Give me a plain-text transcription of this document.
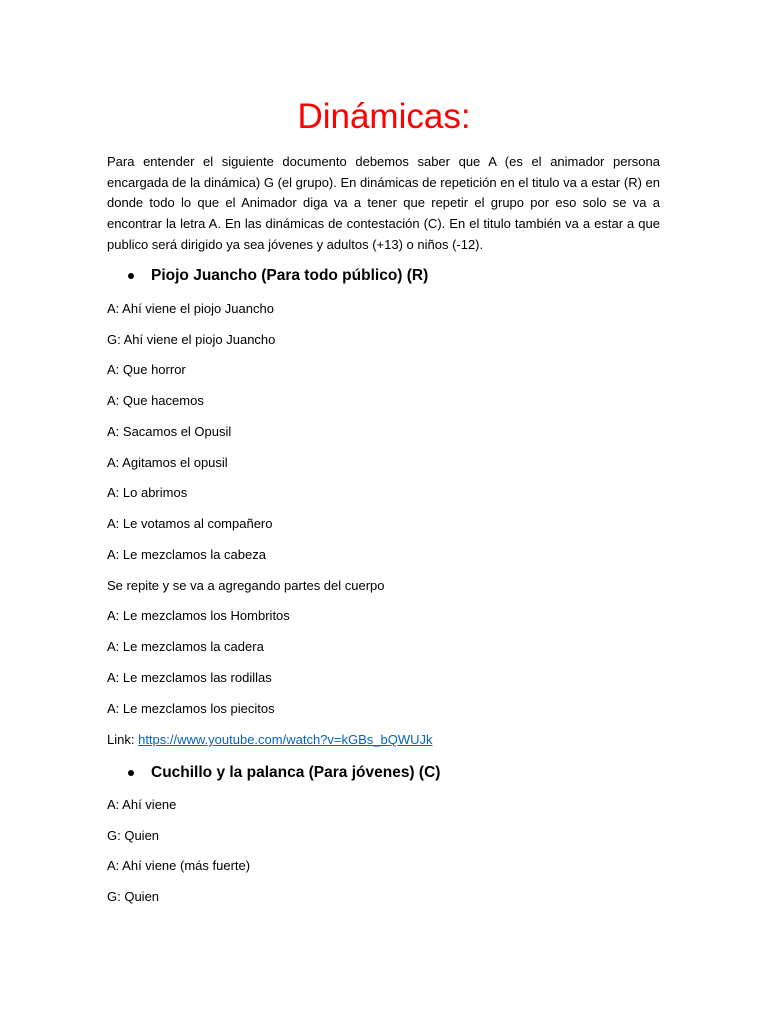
Dinámicas:

Para entender el siguiente documento debemos saber que A (es el animador persona encargada de la dinámica) G (el grupo). En dinámicas de repetición en el titulo va a estar (R) en donde todo lo que el Animador diga va a tener que repetir el grupo por eso solo se va a encontrar la letra A. En las dinámicas de contestación (C). En el titulo también va a estar a que publico será dirigido ya sea jóvenes y adultos (+13) o niños (-12).

Piojo Juancho (Para todo público) (R)

A: Ahí viene el piojo Juancho

G: Ahí viene el piojo Juancho

A: Que horror

A: Que hacemos

A: Sacamos el Opusil

A: Agitamos el opusil

A: Lo abrimos

A: Le votamos al compañero

A: Le mezclamos la cabeza

Se repite y se va a agregando partes del cuerpo

A: Le mezclamos los Hombritos

A: Le mezclamos la cadera

A: Le mezclamos las rodillas

A: Le mezclamos los piecitos

Link: https://www.youtube.com/watch?v=kGBs_bQWUJk

Cuchillo y la palanca (Para jóvenes) (C)

A: Ahí viene

G: Quien

A: Ahí viene (más fuerte)

G: Quien
